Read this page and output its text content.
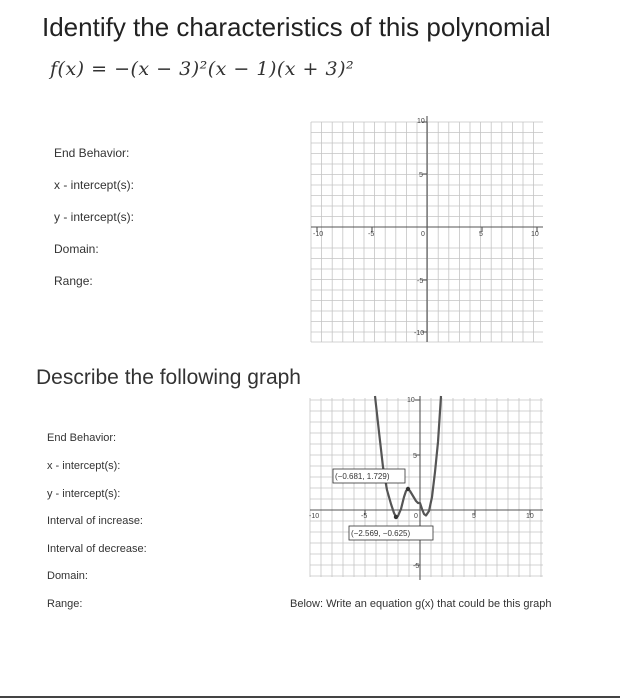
Identify the characteristics of this polynomial
f(x) = −(x − 3)²(x − 1)(x + 3)²
End Behavior:
x - intercept(s):
y - intercept(s):
Domain:
Range:
10
5
-10	-5	0	5	10
-5
-10
Describe the following graph
End Behavior:
x - intercept(s):
y - intercept(s):
Interval of increase:
Interval of decrease:
Domain:
Range:
10
5
-10	-5	0	5	10
-5
(−0.681, 1.729)
(−2.569, −0.625)
Below: Write an equation g(x) that could be this graph
